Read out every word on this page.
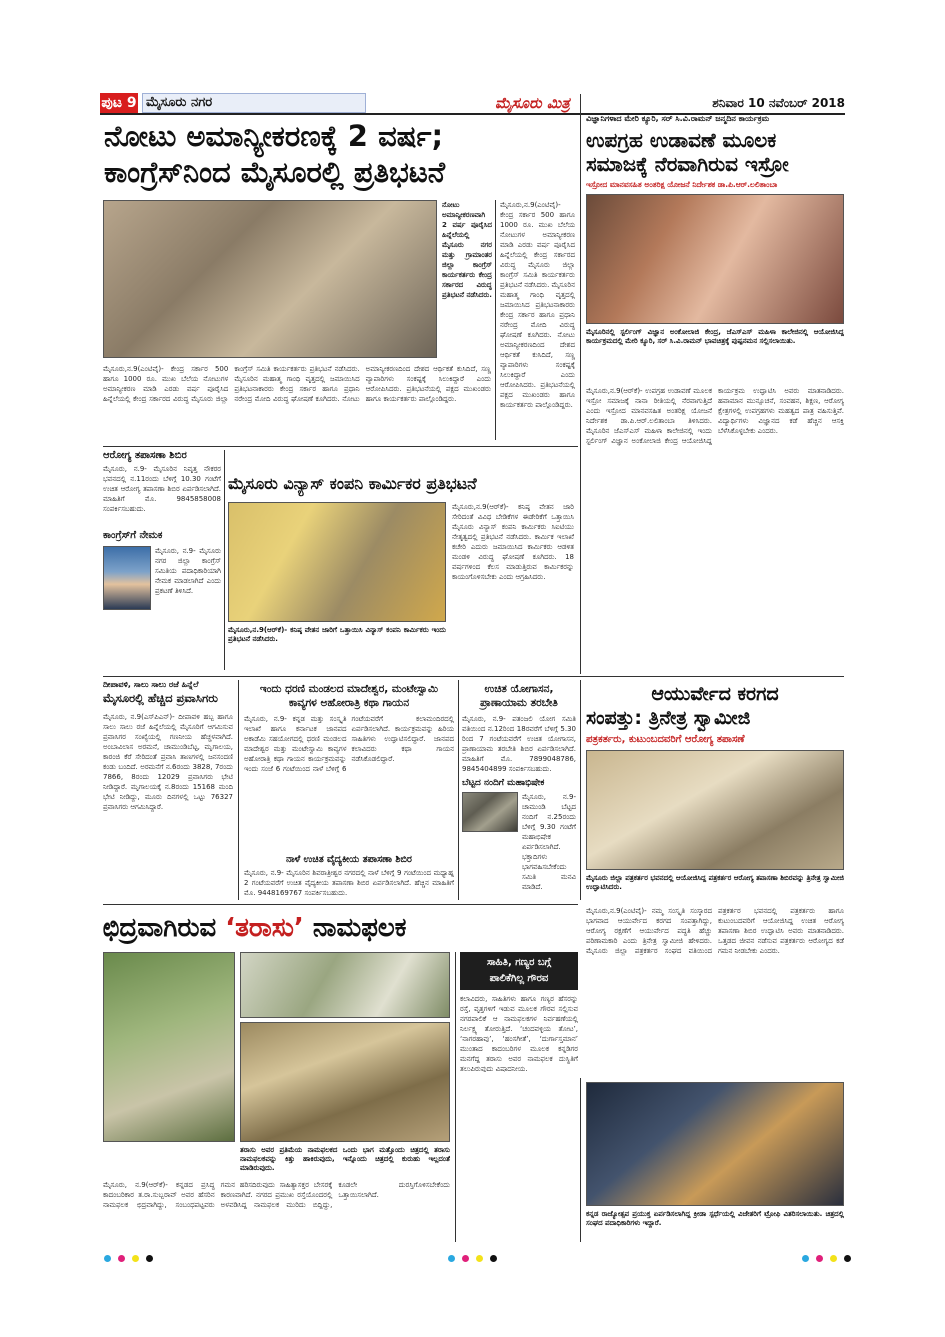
ಪುಟ 9 ಮೈಸೂರು ನಗರ	ಮೈಸೂರು ಮಿತ್ರ	ಶನಿವಾರ 10 ನವೆಂಬರ್ 2018
ನೋಟು ಅಮಾನ್ಯೀಕರಣಕ್ಕೆ 2 ವರ್ಷ;
ಕಾಂಗ್ರೆಸ್‌ನಿಂದ ಮೈಸೂರಲ್ಲಿ ಪ್ರತಿಭಟನೆ
ನೋಟು ಅಮಾನ್ಯೀಕರಣವಾಗಿ 2 ವರ್ಷ ಪೂರೈಸಿದ ಹಿನ್ನೆಲೆಯಲ್ಲಿ ಮೈಸೂರು ನಗರ ಮತ್ತು ಗ್ರಾಮಾಂತರ ಜಿಲ್ಲಾ ಕಾಂಗ್ರೆಸ್ ಕಾರ್ಯಕರ್ತರು ಕೇಂದ್ರ ಸರ್ಕಾರದ ವಿರುದ್ಧ ಪ್ರತಿಭಟನೆ ನಡೆಸಿದರು.
ಮೈಸೂರು,ನ.9(ಎಂಟಿವೈ)- ಕೇಂದ್ರ ಸರ್ಕಾರ 500 ಹಾಗೂ 1000 ರೂ. ಮುಖ ಬೆಲೆಯ ನೋಟುಗಳ ಅಮಾನ್ಯೀಕರಣ ಮಾಡಿ ಎರಡು ವರ್ಷ ಪೂರೈಸಿದ ಹಿನ್ನೆಲೆಯಲ್ಲಿ ಕೇಂದ್ರ ಸರ್ಕಾರದ ವಿರುದ್ಧ ಮೈಸೂರು ಜಿಲ್ಲಾ ಕಾಂಗ್ರೆಸ್ ಸಮಿತಿ ಕಾರ್ಯಕರ್ತರು ಪ್ರತಿಭಟನೆ ನಡೆಸಿದರು. ಮೈಸೂರಿನ ಮಹಾತ್ಮ ಗಾಂಧಿ ವೃತ್ತದಲ್ಲಿ ಜಮಾಯಿಸಿದ ಪ್ರತಿಭಟನಾಕಾರರು ಕೇಂದ್ರ ಸರ್ಕಾರ ಹಾಗೂ ಪ್ರಧಾನಿ ನರೇಂದ್ರ ಮೋದಿ ವಿರುದ್ಧ ಘೋಷಣೆ ಕೂಗಿದರು. ನೋಟು ಅಮಾನ್ಯೀಕರಣದಿಂದ ದೇಶದ ಆರ್ಥಿಕತೆ ಕುಸಿದಿದೆ, ಸಣ್ಣ ವ್ಯಾಪಾರಿಗಳು ಸಂಕಷ್ಟಕ್ಕೆ ಸಿಲುಕಿದ್ದಾರೆ ಎಂದು ಆರೋಪಿಸಿದರು. ಪ್ರತಿಭಟನೆಯಲ್ಲಿ ಪಕ್ಷದ ಮುಖಂಡರು ಹಾಗೂ ಕಾರ್ಯಕರ್ತರು ಪಾಲ್ಗೊಂಡಿದ್ದರು.
ಮೈಸೂರು,ನ.9(ಎಂಟಿವೈ)- ಕೇಂದ್ರ ಸರ್ಕಾರ 500 ಹಾಗೂ 1000 ರೂ. ಮುಖ ಬೆಲೆಯ ನೋಟುಗಳ ಅಮಾನ್ಯೀಕರಣ ಮಾಡಿ ಎರಡು ವರ್ಷ ಪೂರೈಸಿದ ಹಿನ್ನೆಲೆಯಲ್ಲಿ ಕೇಂದ್ರ ಸರ್ಕಾರದ ವಿರುದ್ಧ ಮೈಸೂರು ಜಿಲ್ಲಾ ಕಾಂಗ್ರೆಸ್ ಸಮಿತಿ ಕಾರ್ಯಕರ್ತರು ಪ್ರತಿಭಟನೆ ನಡೆಸಿದರು. ಮೈಸೂರಿನ ಮಹಾತ್ಮ ಗಾಂಧಿ ವೃತ್ತದಲ್ಲಿ ಜಮಾಯಿಸಿದ ಪ್ರತಿಭಟನಾಕಾರರು ಕೇಂದ್ರ ಸರ್ಕಾರ ಹಾಗೂ ಪ್ರಧಾನಿ ನರೇಂದ್ರ ಮೋದಿ ವಿರುದ್ಧ ಘೋಷಣೆ ಕೂಗಿದರು. ನೋಟು ಅಮಾನ್ಯೀಕರಣದಿಂದ ದೇಶದ ಆರ್ಥಿಕತೆ ಕುಸಿದಿದೆ, ಸಣ್ಣ ವ್ಯಾಪಾರಿಗಳು ಸಂಕಷ್ಟಕ್ಕೆ ಸಿಲುಕಿದ್ದಾರೆ ಎಂದು ಆರೋಪಿಸಿದರು. ಪ್ರತಿಭಟನೆಯಲ್ಲಿ ಪಕ್ಷದ ಮುಖಂಡರು ಹಾಗೂ ಕಾರ್ಯಕರ್ತರು ಪಾಲ್ಗೊಂಡಿದ್ದರು.
ವಿಜ್ಞಾನಿಗಳಾದ ಮೇರಿ ಕ್ಯೂರಿ, ಸರ್ ಸಿ.ವಿ.ರಾಮನ್ ಜನ್ಮದಿನ ಕಾರ್ಯಕ್ರಮ
ಉಪಗ್ರಹ ಉಡಾವಣೆ ಮೂಲಕ
ಸಮಾಜಕ್ಕೆ ನೆರವಾಗಿರುವ ಇಸ್ರೋ
ಇಸ್ರೋದ ಮಾನವಸಹಿತ ಅಂತರಿಕ್ಷ ಯೋಜನೆ ನಿರ್ದೇಶಕ ಡಾ.ಪಿ.ಆರ್.ಲಲಿತಾಂಬಾ
ಮೈಸೂರಿನಲ್ಲಿ ಸ್ಟರ್ಲಿಂಗ್ ವಿಜ್ಞಾನ ಅಂಕೋಲಾಜಿ ಕೇಂದ್ರ, ಜೆಎಸ್‌ಎಸ್ ಮಹಿಳಾ ಕಾಲೇಜಿನಲ್ಲಿ ಆಯೋಜಿಸಿದ್ದ ಕಾರ್ಯಕ್ರಮದಲ್ಲಿ ಮೇರಿ ಕ್ಯೂರಿ, ಸರ್ ಸಿ.ವಿ.ರಾಮನ್ ಭಾವಚಿತ್ರಕ್ಕೆ ಪುಷ್ಪನಮನ ಸಲ್ಲಿಸಲಾಯಿತು.
ಮೈಸೂರು,ನ.9(ಆರ್‌ಕೆ)- ಉಪಗ್ರಹ ಉಡಾವಣೆ ಮೂಲಕ ಇಸ್ರೋ ಸಮಾಜಕ್ಕೆ ನಾನಾ ರೀತಿಯಲ್ಲಿ ನೆರವಾಗುತ್ತಿದೆ ಎಂದು ಇಸ್ರೋದ ಮಾನವಸಹಿತ ಅಂತರಿಕ್ಷ ಯೋಜನೆ ನಿರ್ದೇಶಕ ಡಾ.ಪಿ.ಆರ್.ಲಲಿತಾಂಬಾ ತಿಳಿಸಿದರು. ಮೈಸೂರಿನ ಜೆಎಸ್‌ಎಸ್ ಮಹಿಳಾ ಕಾಲೇಜಿನಲ್ಲಿ ಇಂದು ಸ್ಟರ್ಲಿಂಗ್ ವಿಜ್ಞಾನ ಅಂಕೋಲಾಜಿ ಕೇಂದ್ರ ಆಯೋಜಿಸಿದ್ದ ಕಾರ್ಯಕ್ರಮ ಉದ್ಘಾಟಿಸಿ ಅವರು ಮಾತನಾಡಿದರು. ಹವಾಮಾನ ಮುನ್ಸೂಚನೆ, ಸಂವಹನ, ಶಿಕ್ಷಣ, ಆರೋಗ್ಯ ಕ್ಷೇತ್ರಗಳಲ್ಲಿ ಉಪಗ್ರಹಗಳು ಮಹತ್ವದ ಪಾತ್ರ ವಹಿಸುತ್ತಿವೆ. ವಿದ್ಯಾರ್ಥಿಗಳು ವಿಜ್ಞಾನದ ಕಡೆ ಹೆಚ್ಚಿನ ಆಸಕ್ತಿ ಬೆಳೆಸಿಕೊಳ್ಳಬೇಕು ಎಂದರು.
ಆರೋಗ್ಯ ತಪಾಸಣಾ ಶಿಬಿರ
ಮೈಸೂರು, ನ.9- ಮೈಸೂರಿನ ನಿವೃತ್ತ ನೌಕರರ ಭವನದಲ್ಲಿ ನ.11ರಂದು ಬೆಳಿಗ್ಗೆ 10.30 ಗಂಟೆಗೆ ಉಚಿತ ಆರೋಗ್ಯ ತಪಾಸಣಾ ಶಿಬಿರ ಏರ್ಪಡಿಸಲಾಗಿದೆ. ಮಾಹಿತಿಗೆ ಮೊ. 9845858008 ಸಂಪರ್ಕಿಸಬಹುದು.
ಕಾಂಗ್ರೆಸ್‌ಗೆ ನೇಮಕ
ಮೈಸೂರು, ನ.9- ಮೈಸೂರು ನಗರ ಜಿಲ್ಲಾ ಕಾಂಗ್ರೆಸ್ ಸಮಿತಿಯ ಪದಾಧಿಕಾರಿಯಾಗಿ ನೇಮಕ ಮಾಡಲಾಗಿದೆ ಎಂದು ಪ್ರಕಟಣೆ ತಿಳಿಸಿದೆ.
ಮೈಸೂರು ವಿನ್ಯಾಸ್ ಕಂಪನಿ ಕಾರ್ಮಿಕರ ಪ್ರತಿಭಟನೆ
ಮೈಸೂರು,ನ.9(ಆರ್‌ಕೆ)- ಕನಿಷ್ಠ ವೇತನ ಜಾರಿಗೆ ಒತ್ತಾಯಿಸಿ ವಿನ್ಯಾಸ್ ಕಂಪನಿ ಕಾರ್ಮಿಕರು ಇಂದು ಪ್ರತಿಭಟನೆ ನಡೆಸಿದರು.
ಮೈಸೂರು,ನ.9(ಆರ್‌ಕೆ)- ಕನಿಷ್ಠ ವೇತನ ಜಾರಿ ಸೇರಿದಂತೆ ವಿವಿಧ ಬೇಡಿಕೆಗಳ ಈಡೇರಿಕೆಗೆ ಒತ್ತಾಯಿಸಿ ಮೈಸೂರು ವಿನ್ಯಾಸ್ ಕಂಪನಿ ಕಾರ್ಮಿಕರು ಸಿಐಟಿಯು ನೇತೃತ್ವದಲ್ಲಿ ಪ್ರತಿಭಟನೆ ನಡೆಸಿದರು. ಕಾರ್ಮಿಕ ಇಲಾಖೆ ಕಚೇರಿ ಎದುರು ಜಮಾಯಿಸಿದ ಕಾರ್ಮಿಕರು ಆಡಳಿತ ಮಂಡಳಿ ವಿರುದ್ಧ ಘೋಷಣೆ ಕೂಗಿದರು. 18 ವರ್ಷಗಳಿಂದ ಕೆಲಸ ಮಾಡುತ್ತಿರುವ ಕಾರ್ಮಿಕರನ್ನು ಕಾಯಂಗೊಳಿಸಬೇಕು ಎಂದು ಆಗ್ರಹಿಸಿದರು.
ದೀಪಾವಳಿ, ಸಾಲು ಸಾಲು ರಜೆ ಹಿನ್ನೆಲೆ
ಮೈಸೂರಲ್ಲಿ ಹೆಚ್ಚಿದ ಪ್ರವಾಸಿಗರು
ಮೈಸೂರು, ನ.9(ಎಸ್‌ಪಿಎನ್)- ದೀಪಾವಳಿ ಹಬ್ಬ ಹಾಗೂ ಸಾಲು ಸಾಲು ರಜೆ ಹಿನ್ನೆಲೆಯಲ್ಲಿ ಮೈಸೂರಿಗೆ ಆಗಮಿಸುವ ಪ್ರವಾಸಿಗರ ಸಂಖ್ಯೆಯಲ್ಲಿ ಗಣನೀಯ ಹೆಚ್ಚಳವಾಗಿದೆ. ಅಂಬಾವಿಲಾಸ ಅರಮನೆ, ಚಾಮುಂಡಿಬೆಟ್ಟ, ಮೃಗಾಲಯ, ಕಾರಂಜಿ ಕೆರೆ ಸೇರಿದಂತೆ ಪ್ರವಾಸಿ ತಾಣಗಳಲ್ಲಿ ಜನಸಂದಣಿ ಕಂಡು ಬಂದಿದೆ. ಅರಮನೆಗೆ ನ.6ರಂದು 3828, 7ರಂದು 7866, 8ರಂದು 12029 ಪ್ರವಾಸಿಗರು ಭೇಟಿ ನೀಡಿದ್ದಾರೆ. ಮೃಗಾಲಯಕ್ಕೆ ನ.8ರಂದು 15168 ಮಂದಿ ಭೇಟಿ ನೀಡಿದ್ದು, ಮೂರು ದಿನಗಳಲ್ಲಿ ಒಟ್ಟು 76327 ಪ್ರವಾಸಿಗರು ಆಗಮಿಸಿದ್ದಾರೆ.
ಇಂದು ಧರಣಿ ಮಂಡಲದ ಮಾದೇಶ್ವರ, ಮಂಟೇಸ್ವಾಮಿ
ಕಾವ್ಯಗಳ ಅಹೋರಾತ್ರಿ ಕಥಾ ಗಾಯನ
ಮೈಸೂರು, ನ.9- ಕನ್ನಡ ಮತ್ತು ಸಂಸ್ಕೃತಿ ಇಲಾಖೆ ಹಾಗೂ ಕರ್ನಾಟಕ ಜಾನಪದ ಅಕಾಡೆಮಿ ಸಹಯೋಗದಲ್ಲಿ ಧರಣಿ ಮಂಡಲದ ಮಾದೇಶ್ವರ ಮತ್ತು ಮಂಟೇಸ್ವಾಮಿ ಕಾವ್ಯಗಳ ಅಹೋರಾತ್ರಿ ಕಥಾ ಗಾಯನ ಕಾರ್ಯಕ್ರಮವನ್ನು ಇಂದು ಸಂಜೆ 6 ಗಂಟೆಯಿಂದ ನಾಳೆ ಬೆಳಿಗ್ಗೆ 6 ಗಂಟೆಯವರೆಗೆ ಕಲಾಮಂದಿರದಲ್ಲಿ ಏರ್ಪಡಿಸಲಾಗಿದೆ. ಕಾರ್ಯಕ್ರಮವನ್ನು ಹಿರಿಯ ಸಾಹಿತಿಗಳು ಉದ್ಘಾಟಿಸಲಿದ್ದಾರೆ. ಜಾನಪದ ಕಲಾವಿದರು ಕಥಾ ಗಾಯನ ನಡೆಸಿಕೊಡಲಿದ್ದಾರೆ.
ನಾಳೆ ಉಚಿತ ವೈದ್ಯಕೀಯ ತಪಾಸಣಾ ಶಿಬಿರ
ಮೈಸೂರು, ನ.9- ಮೈಸೂರಿನ ಶಿವರಾತ್ರೀಶ್ವರ ನಗರದಲ್ಲಿ ನಾಳೆ ಬೆಳಿಗ್ಗೆ 9 ಗಂಟೆಯಿಂದ ಮಧ್ಯಾಹ್ನ 2 ಗಂಟೆಯವರೆಗೆ ಉಚಿತ ವೈದ್ಯಕೀಯ ತಪಾಸಣಾ ಶಿಬಿರ ಏರ್ಪಡಿಸಲಾಗಿದೆ. ಹೆಚ್ಚಿನ ಮಾಹಿತಿಗೆ ಮೊ. 9448169767 ಸಂಪರ್ಕಿಸಬಹುದು.
ಉಚಿತ ಯೋಗಾಸನ,
ಪ್ರಾಣಾಯಾಮ ತರಬೇತಿ
ಮೈಸೂರು, ನ.9- ಪತಂಜಲಿ ಯೋಗ ಸಮಿತಿ ವತಿಯಿಂದ ನ.12ರಿಂದ 18ರವರೆಗೆ ಬೆಳಿಗ್ಗೆ 5.30 ರಿಂದ 7 ಗಂಟೆಯವರೆಗೆ ಉಚಿತ ಯೋಗಾಸನ, ಪ್ರಾಣಾಯಾಮ ತರಬೇತಿ ಶಿಬಿರ ಏರ್ಪಡಿಸಲಾಗಿದೆ. ಮಾಹಿತಿಗೆ ಮೊ. 7899048786, 9845404899 ಸಂಪರ್ಕಿಸಬಹುದು.
ಬೆಟ್ಟದ ನಂದಿಗೆ ಮಹಾಭಿಷೇಕ
ಮೈಸೂರು, ನ.9- ಚಾಮುಂಡಿ ಬೆಟ್ಟದ ನಂದಿಗೆ ನ.25ರಂದು ಬೆಳಿಗ್ಗೆ 9.30 ಗಂಟೆಗೆ ಮಹಾಭಿಷೇಕ ಏರ್ಪಡಿಸಲಾಗಿದೆ. ಭಕ್ತಾದಿಗಳು ಭಾಗವಹಿಸಬೇಕೆಂದು ಸಮಿತಿ ಮನವಿ ಮಾಡಿದೆ.
ಆಯುರ್ವೇದ ಕರಗದ
ಸಂಪತ್ತು: ತ್ರಿನೇತ್ರ ಸ್ವಾಮೀಜಿ
ಪತ್ರಕರ್ತರು, ಕುಟುಂಬದವರಿಗೆ ಆರೋಗ್ಯ ತಪಾಸಣೆ
ಮೈಸೂರು ಜಿಲ್ಲಾ ಪತ್ರಕರ್ತರ ಭವನದಲ್ಲಿ ಆಯೋಜಿಸಿದ್ದ ಪತ್ರಕರ್ತರ ಆರೋಗ್ಯ ತಪಾಸಣಾ ಶಿಬಿರವನ್ನು ತ್ರಿನೇತ್ರ ಸ್ವಾಮೀಜಿ ಉದ್ಘಾಟಿಸಿದರು.
ಮೈಸೂರು,ನ.9(ಎಂಟಿವೈ)- ನಮ್ಮ ಸಂಸ್ಕೃತಿ ಸಂಸ್ಕಾರದ ಭಾಗವಾದ ಆಯುರ್ವೇದ ಕರಗದ ಸಂಪತ್ತಾಗಿದ್ದು, ಆರೋಗ್ಯ ರಕ್ಷಣೆಗೆ ಆಯುರ್ವೇದ ಪದ್ಧತಿ ಹೆಚ್ಚು ಪರಿಣಾಮಕಾರಿ ಎಂದು ತ್ರಿನೇತ್ರ ಸ್ವಾಮೀಜಿ ಹೇಳಿದರು. ಮೈಸೂರು ಜಿಲ್ಲಾ ಪತ್ರಕರ್ತರ ಸಂಘದ ವತಿಯಿಂದ ಪತ್ರಕರ್ತರ ಭವನದಲ್ಲಿ ಪತ್ರಕರ್ತರು ಹಾಗೂ ಕುಟುಂಬದವರಿಗೆ ಆಯೋಜಿಸಿದ್ದ ಉಚಿತ ಆರೋಗ್ಯ ತಪಾಸಣಾ ಶಿಬಿರ ಉದ್ಘಾಟಿಸಿ ಅವರು ಮಾತನಾಡಿದರು. ಒತ್ತಡದ ಜೀವನ ನಡೆಸುವ ಪತ್ರಕರ್ತರು ಆರೋಗ್ಯದ ಕಡೆ ಗಮನ ನೀಡಬೇಕು ಎಂದರು.
ಛಿದ್ರವಾಗಿರುವ ‘ತರಾಸು’ ನಾಮಫಲಕ
ತರಾಸು ಅವರ ಪ್ರತಿಮೆಯ ನಾಮಫಲಕದ ಒಂದು ಭಾಗ ಮತ್ತೊಂದು ಚಿತ್ರದಲ್ಲಿ ತರಾಸು ನಾಮಫಲಕವನ್ನು ಕಿತ್ತು ಹಾಕಿರುವುದು, ಇನ್ನೊಂದು ಚಿತ್ರದಲ್ಲಿ ಕುರುಹು ಇಲ್ಲದಂತೆ ಮಾಡಿರುವುದು.
ಮೈಸೂರು, ನ.9(ಆರ್‌ಕೆ)- ಕನ್ನಡದ ಪ್ರಸಿದ್ಧ ಕಾದಂಬರಿಕಾರ ತ.ರಾ.ಸುಬ್ಬರಾವ್ ಅವರ ಹೆಸರಿನ ನಾಮಫಲಕ ಛಿದ್ರವಾಗಿದ್ದು, ಸಂಬಂಧಪಟ್ಟವರು ಗಮನ ಹರಿಸದಿರುವುದು ಸಾಹಿತ್ಯಾಸಕ್ತರ ಬೇಸರಕ್ಕೆ ಕಾರಣವಾಗಿದೆ. ನಗರದ ಪ್ರಮುಖ ರಸ್ತೆಯೊಂದರಲ್ಲಿ ಅಳವಡಿಸಿದ್ದ ನಾಮಫಲಕ ಮುರಿದು ಬಿದ್ದಿದ್ದು, ಕೂಡಲೇ ದುರಸ್ತಿಗೊಳಿಸಬೇಕೆಂದು ಒತ್ತಾಯಿಸಲಾಗಿದೆ.
ಸಾಹಿತಿ, ಗಣ್ಯರ ಬಗ್ಗೆ
ಪಾಲಿಕೆಗಿಲ್ಲ ಗೌರವ
ಕಲಾವಿದರು, ಸಾಹಿತಿಗಳು ಹಾಗೂ ಗಣ್ಯರ ಹೆಸರನ್ನು ರಸ್ತೆ, ವೃತ್ತಗಳಿಗೆ ಇಡುವ ಮೂಲಕ ಗೌರವ ಸಲ್ಲಿಸುವ ನಗರಪಾಲಿಕೆ ಆ ನಾಮಫಲಕಗಳ ನಿರ್ವಹಣೆಯಲ್ಲಿ ನಿರ್ಲಕ್ಷ್ಯ ತೋರುತ್ತಿದೆ. ‘ಚಂದವಳ್ಳಿಯ ತೋಟ’, ‘ನಾಗರಹಾವು’, ‘ಹಂಸಗೀತೆ’, ‘ದುರ್ಗಾಸ್ತಮಾನ’ ಮುಂತಾದ ಕಾದಂಬರಿಗಳ ಮೂಲಕ ಕನ್ನಡಿಗರ ಮನಗೆದ್ದ ತರಾಸು ಅವರ ನಾಮಫಲಕ ದುಸ್ಥಿತಿಗೆ ತಲುಪಿರುವುದು ವಿಷಾದನೀಯ.
ಕನ್ನಡ ರಾಜ್ಯೋತ್ಸವ ಪ್ರಯುಕ್ತ ಏರ್ಪಡಿಸಲಾಗಿದ್ದ ಕ್ರೀಡಾ ಸ್ಪರ್ಧೆಯಲ್ಲಿ ವಿಜೇತರಿಗೆ ಟ್ರೋಫಿ ವಿತರಿಸಲಾಯಿತು. ಚಿತ್ರದಲ್ಲಿ ಸಂಘದ ಪದಾಧಿಕಾರಿಗಳು ಇದ್ದಾರೆ.
